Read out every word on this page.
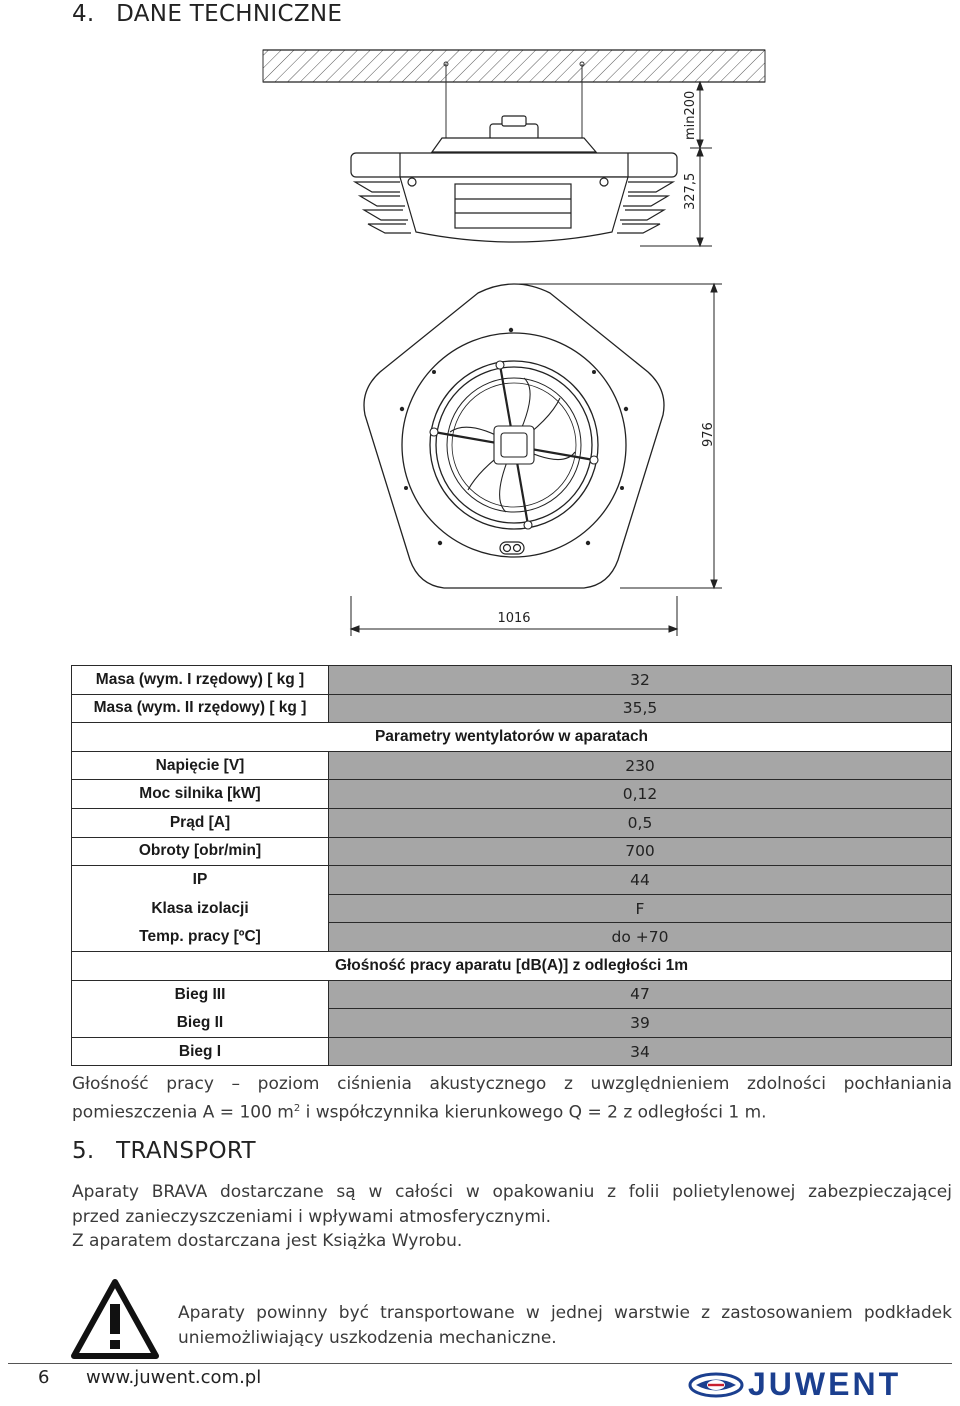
4. DANE TECHNICZNE
min200
327,5
976
1016
Masa (wym. I rzędowy) [ kg ]	32
Masa (wym. II rzędowy) [ kg ]	35,5
Parametry wentylatorów w aparatach	
Napięcie [V]	230
Moc silnika [kW]	0,12
Prąd [A]	0,5
Obroty [obr/min]	700
IP	44
Klasa izolacji	F
Temp. pracy [ºC]	do +70
Głośność pracy aparatu [dB(A)] z odległości 1m	
Bieg III	47
Bieg II	39
Bieg I	34
Głośność pracy – poziom ciśnienia akustycznego z uwzględnieniem zdolności pochłaniania
pomieszczenia A = 100 $m^2$ i współczynnika kierunkowego Q = 2 z odległości 1 m.
5. TRANSPORT
Aparaty BRAVA dostarczane są w całości w opakowaniu z folii polietylenowej zabezpieczającej
przed zanieczyszczeniami i wpływami atmosferycznymi.
Z aparatem dostarczana jest Książka Wyrobu.
Aparaty powinny być transportowane w jednej warstwie z zastosowaniem podkładek
uniemożliwiający uszkodzenia mechaniczne.
6 www.juwent.com.pl	JUWENT
